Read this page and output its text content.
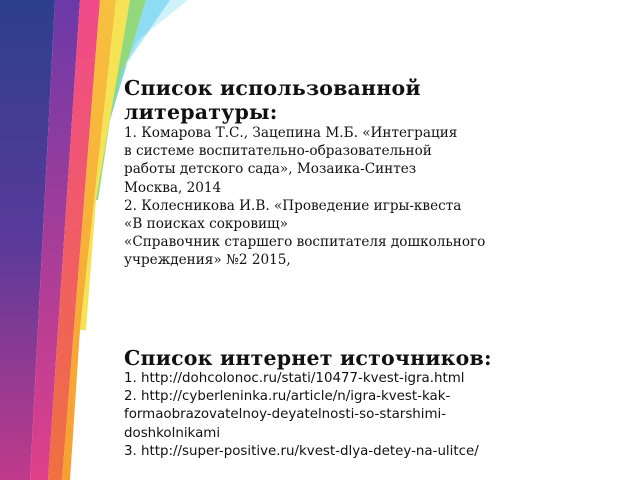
Список использованной

литературы:

1. Комарова Т.С., Зацепина М.Б. «Интеграция

в системе воспитательно-образовательной

работы детского сада», Мозаика-Синтез

Москва, 2014

2. Колесникова И.В. «Проведение игры-квеста

«В поисках сокровищ»

«Справочник старшего воспитателя дошкольного

учреждения» №2 2015,

Список интернет источников:

1. http://dohcolonoc.ru/stati/10477-kvest-igra.html

2. http://cyberleninka.ru/article/n/igra-kvest-kak-

formaobrazovatelnoy-deyatelnosti-so-starshimi-

doshkolnikami

3. http://super-positive.ru/kvest-dlya-detey-na-ulitce/
